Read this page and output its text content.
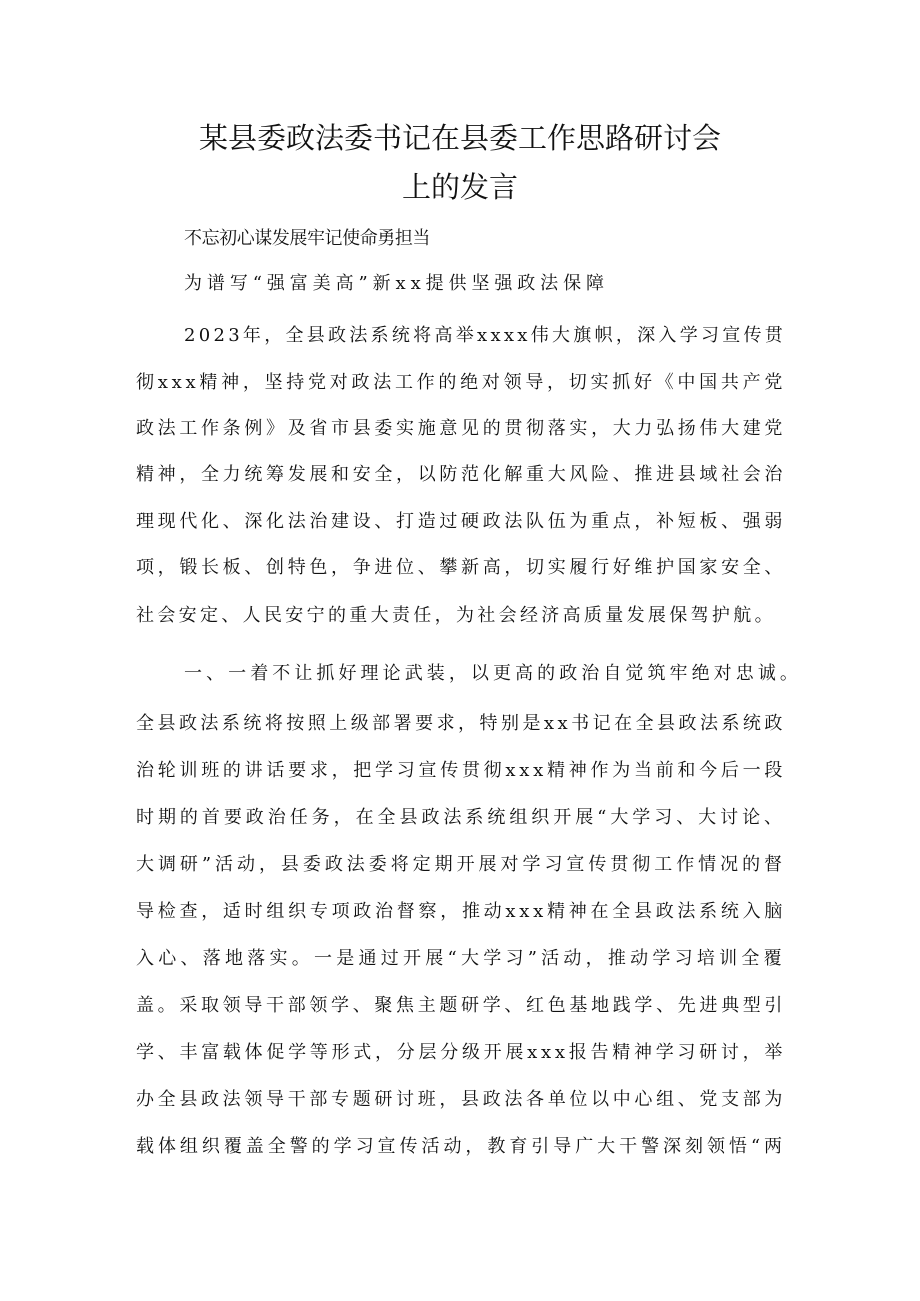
某县委政法委书记在县委工作思路研讨会
上的发言
不忘初心谋发展牢记使命勇担当
为谱写“强富美高”新xx提供坚强政法保障
2023年，全县政法系统将高举xxxx伟大旗帜，深入学习宣传贯
彻xxx精神，坚持党对政法工作的绝对领导，切实抓好《中国共产党
政法工作条例》及省市县委实施意见的贯彻落实，大力弘扬伟大建党
精神，全力统筹发展和安全，以防范化解重大风险、推进县域社会治
理现代化、深化法治建设、打造过硬政法队伍为重点，补短板、强弱
项，锻长板、创特色，争进位、攀新高，切实履行好维护国家安全、
社会安定、人民安宁的重大责任，为社会经济高质量发展保驾护航。
一、一着不让抓好理论武装，以更高的政治自觉筑牢绝对忠诚。
全县政法系统将按照上级部署要求，特别是xx书记在全县政法系统政
治轮训班的讲话要求，把学习宣传贯彻xxx精神作为当前和今后一段
时期的首要政治任务，在全县政法系统组织开展“大学习、大讨论、
大调研”活动，县委政法委将定期开展对学习宣传贯彻工作情况的督
导检查，适时组织专项政治督察，推动xxx精神在全县政法系统入脑
入心、落地落实。一是通过开展“大学习”活动，推动学习培训全覆
盖。采取领导干部领学、聚焦主题研学、红色基地践学、先进典型引
学、丰富载体促学等形式，分层分级开展xxx报告精神学习研讨，举
办全县政法领导干部专题研讨班，县政法各单位以中心组、党支部为
载体组织覆盖全警的学习宣传活动，教育引导广大干警深刻领悟“两
